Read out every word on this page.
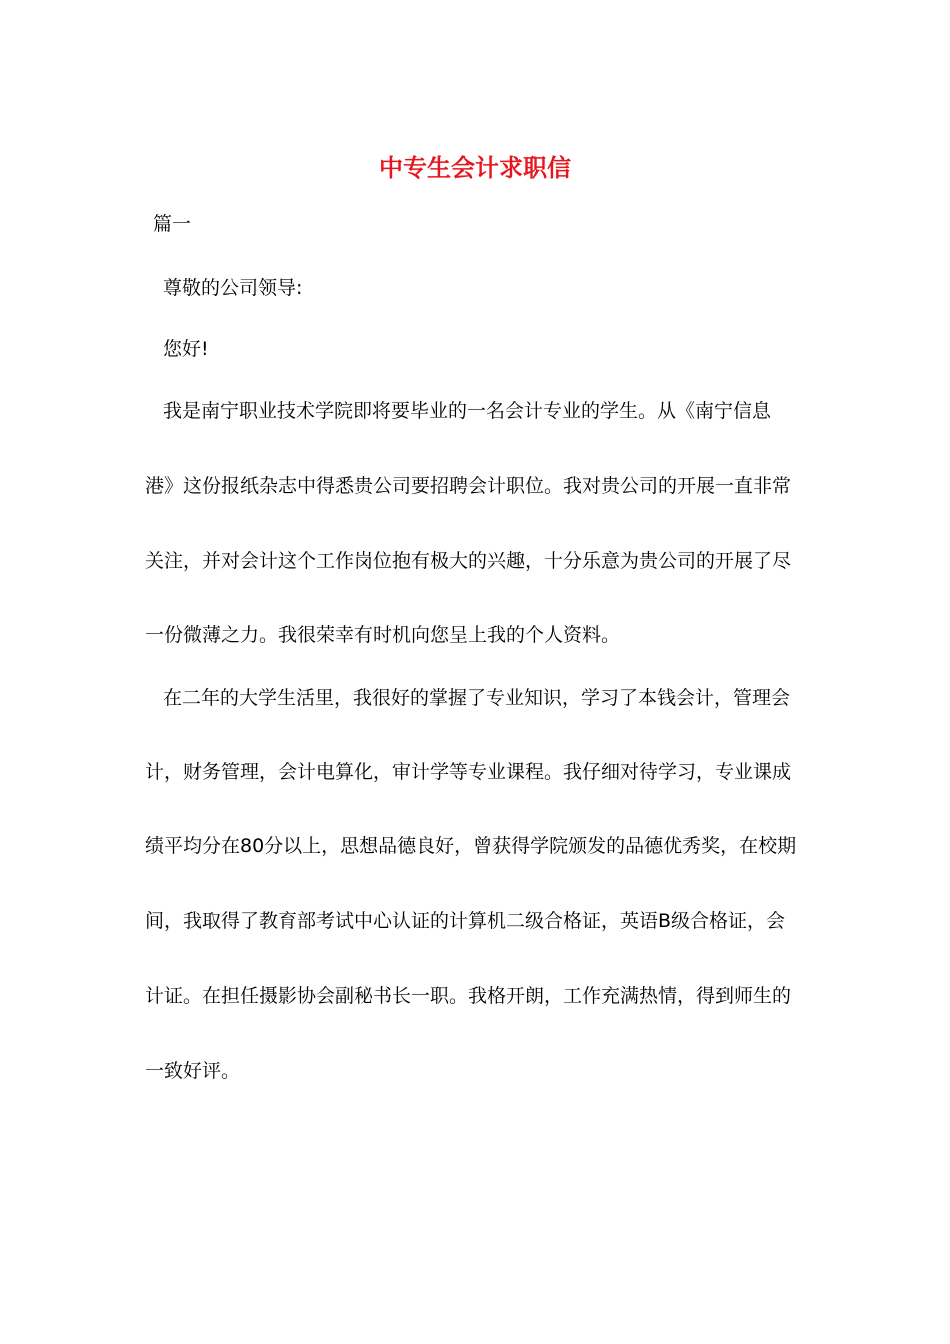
中专生会计求职信
篇一
尊敬的公司领导:
您好!
我是南宁职业技术学院即将要毕业的一名会计专业的学生。从《南宁信息
港》这份报纸杂志中得悉贵公司要招聘会计职位。我对贵公司的开展一直非常
关注，并对会计这个工作岗位抱有极大的兴趣，十分乐意为贵公司的开展了尽
一份微薄之力。我很荣幸有时机向您呈上我的个人资料。
在二年的大学生活里，我很好的掌握了专业知识，学习了本钱会计，管理会
计，财务管理，会计电算化，审计学等专业课程。我仔细对待学习，专业课成
绩平均分在80分以上，思想品德良好，曾获得学院颁发的品德优秀奖，在校期
间，我取得了教育部考试中心认证的计算机二级合格证，英语B级合格证，会
计证。在担任摄影协会副秘书长一职。我格开朗，工作充满热情，得到师生的
一致好评。
